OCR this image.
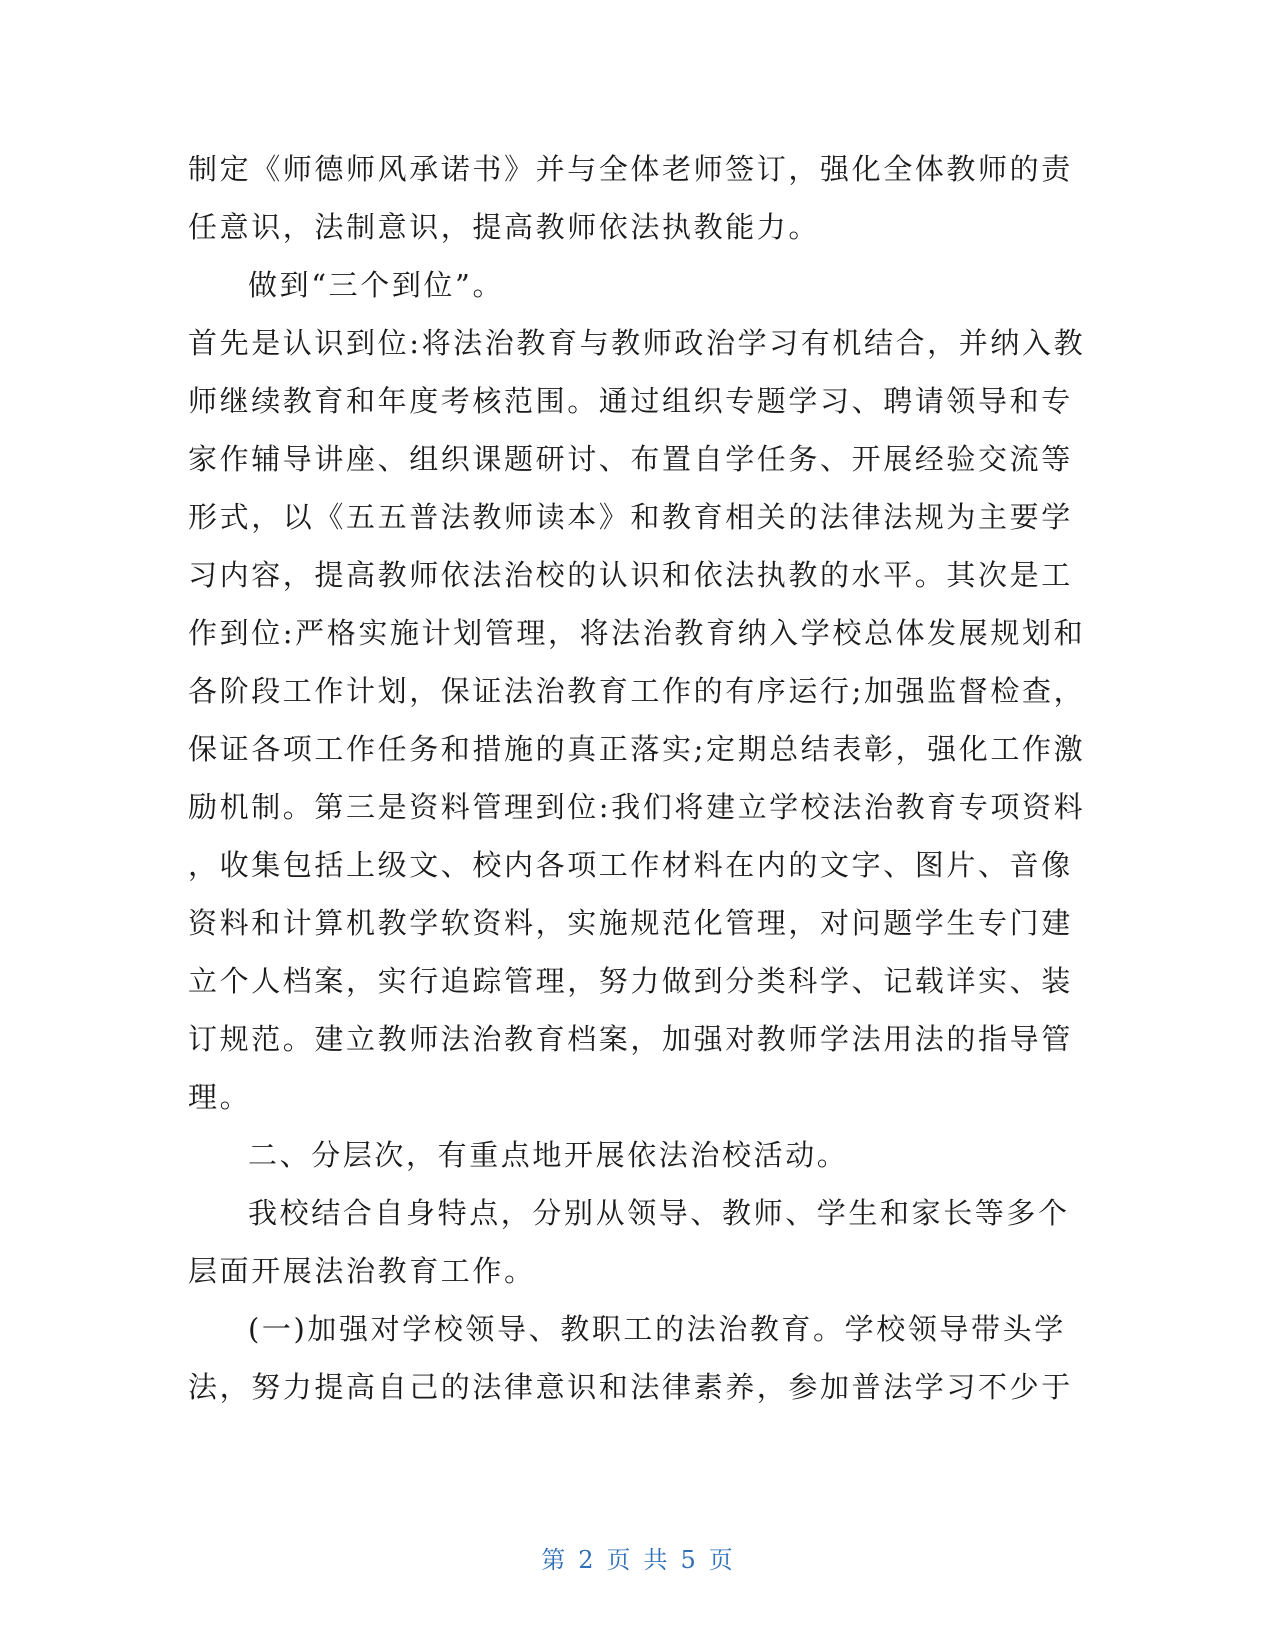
制定《师德师风承诺书》并与全体老师签订，强化全体教师的责
任意识，法制意识，提高教师依法执教能力。
做到“三个到位”。
首先是认识到位:将法治教育与教师政治学习有机结合，并纳入教
师继续教育和年度考核范围。通过组织专题学习、聘请领导和专
家作辅导讲座、组织课题研讨、布置自学任务、开展经验交流等
形式，以《五五普法教师读本》和教育相关的法律法规为主要学
习内容，提高教师依法治校的认识和依法执教的水平。其次是工
作到位:严格实施计划管理，将法治教育纳入学校总体发展规划和
各阶段工作计划，保证法治教育工作的有序运行;加强监督检查，
保证各项工作任务和措施的真正落实;定期总结表彰，强化工作激
励机制。第三是资料管理到位:我们将建立学校法治教育专项资料
，收集包括上级文、校内各项工作材料在内的文字、图片、音像
资料和计算机教学软资料，实施规范化管理，对问题学生专门建
立个人档案，实行追踪管理，努力做到分类科学、记载详实、装
订规范。建立教师法治教育档案，加强对教师学法用法的指导管
理。
二、分层次，有重点地开展依法治校活动。
我校结合自身特点，分别从领导、教师、学生和家长等多个
层面开展法治教育工作。
(一)加强对学校领导、教职工的法治教育。学校领导带头学
法，努力提高自己的法律意识和法律素养，参加普法学习不少于
第 2 页 共 5 页
